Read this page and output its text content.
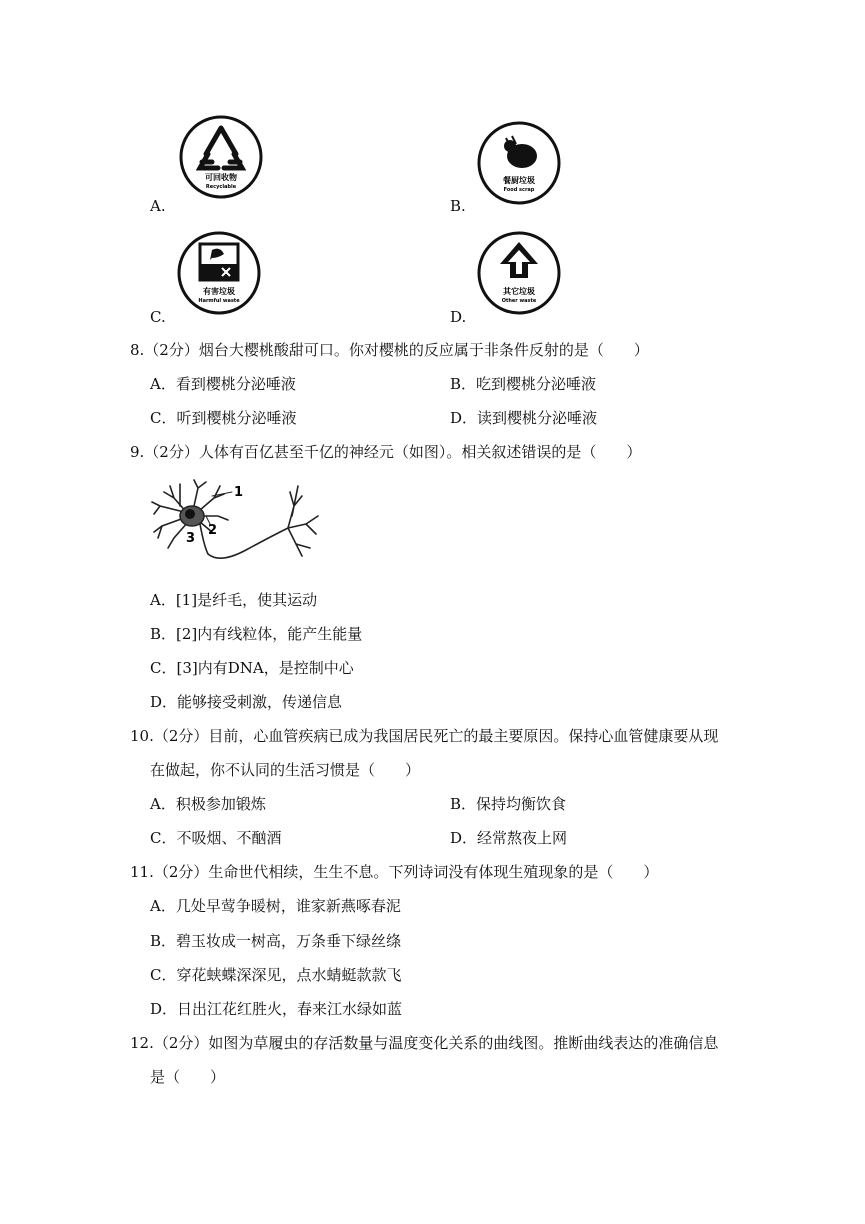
A.
可回收物
Recyclable
B.
餐厨垃圾
Food scrap
C.
有害垃圾
Harmful waste
D.
其它垃圾
Other waste
8.（2分）烟台大樱桃酸甜可口。你对樱桃的反应属于非条件反射的是（　　）
A．看到樱桃分泌唾液	B．吃到樱桃分泌唾液
C．听到樱桃分泌唾液	D．读到樱桃分泌唾液
9.（2分）人体有百亿甚至千亿的神经元（如图）。相关叙述错误的是（　　）
1
2
3
A．[1]是纤毛，使其运动
B．[2]内有线粒体，能产生能量
C．[3]内有DNA，是控制中心
D．能够接受刺激，传递信息
10.（2分）目前，心血管疾病已成为我国居民死亡的最主要原因。保持心血管健康要从现
在做起，你不认同的生活习惯是（　　）
A．积极参加锻炼	B．保持均衡饮食
C．不吸烟、不酗酒	D．经常熬夜上网
11.（2分）生命世代相续，生生不息。下列诗词没有体现生殖现象的是（　　）
A．几处早莺争暖树，谁家新燕啄春泥
B．碧玉妆成一树高，万条垂下绿丝绦
C．穿花蛱蝶深深见，点水蜻蜓款款飞
D．日出江花红胜火，春来江水绿如蓝
12.（2分）如图为草履虫的存活数量与温度变化关系的曲线图。推断曲线表达的准确信息
是（　　）
